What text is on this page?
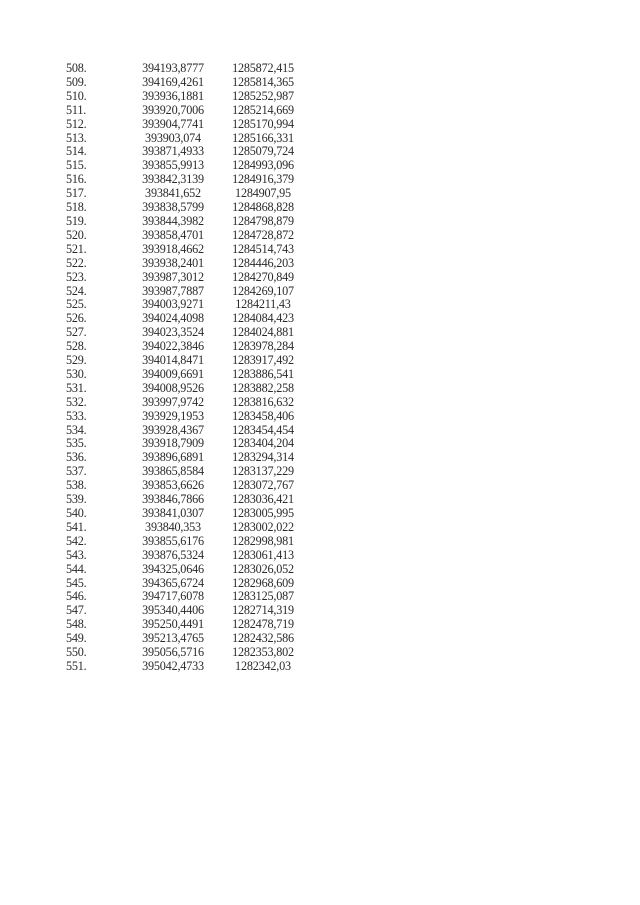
508.	394193,8777	1285872,415
509.	394169,4261	1285814,365
510.	393936,1881	1285252,987
511.	393920,7006	1285214,669
512.	393904,7741	1285170,994
513.	393903,074	1285166,331
514.	393871,4933	1285079,724
515.	393855,9913	1284993,096
516.	393842,3139	1284916,379
517.	393841,652	1284907,95
518.	393838,5799	1284868,828
519.	393844,3982	1284798,879
520.	393858,4701	1284728,872
521.	393918,4662	1284514,743
522.	393938,2401	1284446,203
523.	393987,3012	1284270,849
524.	393987,7887	1284269,107
525.	394003,9271	1284211,43
526.	394024,4098	1284084,423
527.	394023,3524	1284024,881
528.	394022,3846	1283978,284
529.	394014,8471	1283917,492
530.	394009,6691	1283886,541
531.	394008,9526	1283882,258
532.	393997,9742	1283816,632
533.	393929,1953	1283458,406
534.	393928,4367	1283454,454
535.	393918,7909	1283404,204
536.	393896,6891	1283294,314
537.	393865,8584	1283137,229
538.	393853,6626	1283072,767
539.	393846,7866	1283036,421
540.	393841,0307	1283005,995
541.	393840,353	1283002,022
542.	393855,6176	1282998,981
543.	393876,5324	1283061,413
544.	394325,0646	1283026,052
545.	394365,6724	1282968,609
546.	394717,6078	1283125,087
547.	395340,4406	1282714,319
548.	395250,4491	1282478,719
549.	395213,4765	1282432,586
550.	395056,5716	1282353,802
551.	395042,4733	1282342,03
